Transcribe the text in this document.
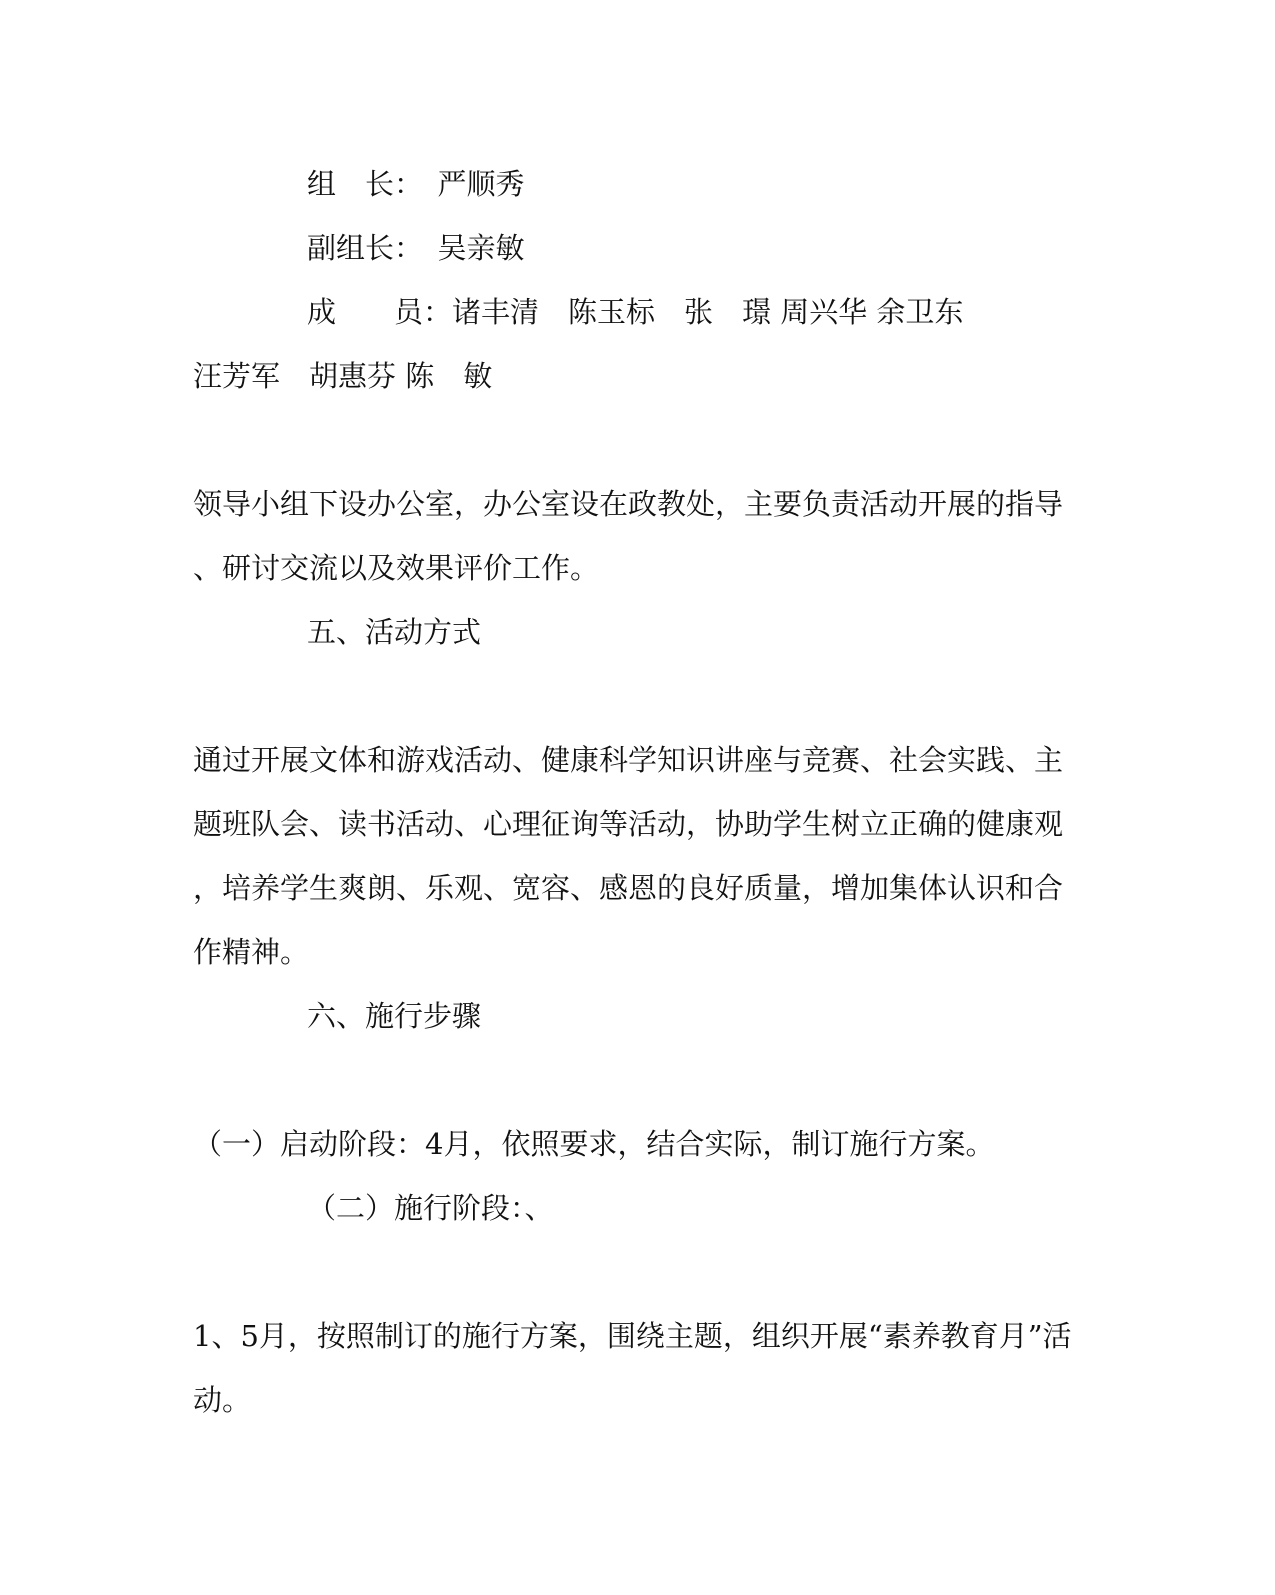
组　长：　严顺秀

副组长：　吴亲敏

成　　员：诸丰清　陈玉标　张　璟 周兴华 余卫东

汪芳军　胡惠芬 陈　敏

领导小组下设办公室，办公室设在政教处，主要负责活动开展的指导

、研讨交流以及效果评价工作。

五、活动方式

通过开展文体和游戏活动、健康科学知识讲座与竞赛、社会实践、主

题班队会、读书活动、心理征询等活动，协助学生树立正确的健康观

，培养学生爽朗、乐观、宽容、感恩的良好质量，增加集体认识和合

作精神。

六、施行步骤

（一）启动阶段：4月，依照要求，结合实际，制订施行方案。

（二）施行阶段：、

1、5月，按照制订的施行方案，围绕主题，组织开展“素养教育月”活

动。
